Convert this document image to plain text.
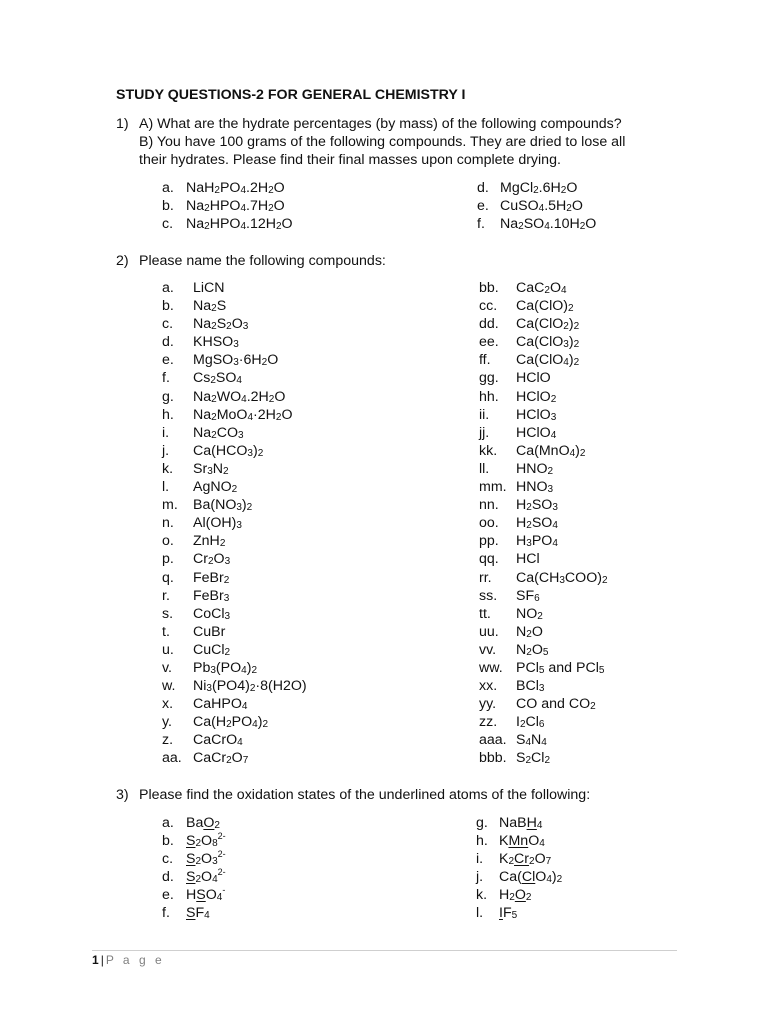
STUDY QUESTIONS-2 FOR GENERAL CHEMISTRY I
1) A) What are the hydrate percentages (by mass) of the following compounds?
B) You have 100 grams of the following compounds. They are dried to lose all
their hydrates. Please find their final masses upon complete drying.
a. $NaH_2PO_4.2H_2O$
b. $Na_2HPO_4.7H_2O$
c. $Na_2HPO_4.12H_2O$
d. $MgCl_2.6H_2O$
e. $CuSO_4.5H_2O$
f. $Na_2SO_4.10H_2O$
2) Please name the following compounds:
a. LiCN
b. $Na_2S$
c. $Na_2S_2O_3$
d. $KHSO_3$
e. $MgSO_3\cdot 6H_2O$
f. $Cs_2SO_4$
g. $Na_2WO_4.2H_2O$
h. $Na_2MoO_4\cdot 2H_2O$
i. $Na_2CO_3$
j. $Ca(HCO_3)_2$
k. $Sr_3N_2$
l. AgNO$_2$
m. $Ba(NO_3)_2$
n. $Al(OH)_3$
o. ZnH$_2$
p. $Cr_2O_3$
q. FeBr$_2$
r. FeBr$_3$
s. CoCl$_3$
t. CuBr
u. CuCl$_2$
v. $Pb_3(PO_4)_2$
w. $Ni_3(PO4)_2\cdot 8(H2O)$
x. CaHPO$_4$
y. $Ca(H_2PO_4)_2$
z. CaCrO$_4$
aa. $CaCr_2O_7$
bb. $CaC_2O_4$
cc. $Ca(ClO)_2$
dd. $Ca(ClO_2)_2$
ee. $Ca(ClO_3)_2$
ff. $Ca(ClO_4)_2$
gg. HClO
hh. HClO$_2$
ii. HClO$_3$
jj. HClO$_4$
kk. $Ca(MnO_4)_2$
ll. $HNO_2$
mm. $HNO_3$
nn. $H_2SO_3$
oo. $H_2SO_4$
pp. $H_3PO_4$
qq. HCl
rr. $Ca(CH_3COO)_2$
ss. $SF_6$
tt. $NO_2$
uu. $N_2O$
vv. $N_2O_5$
ww. PCl$_5$ and PCl$_5$
xx. BCl$_3$
yy. CO and $CO_2$
zz. $I_2Cl_6$
aaa. $S_4N_4$
bbb. $S_2Cl_2$
3) Please find the oxidation states of the underlined atoms of the following:
a. BaO$_2$
b. $S_2O_8^{2-}$
c. $S_2O_3^{2-}$
d. $S_2O_4^{2-}$
e. $HSO_4^-$
f. $SF_4$
g. NaBH$_4$
h. KMnO$_4$
i. $K_2Cr_2O_7$
j. $Ca(ClO_4)_2$
k. $H_2O_2$
l. $IF_5$
1 | P a g e
